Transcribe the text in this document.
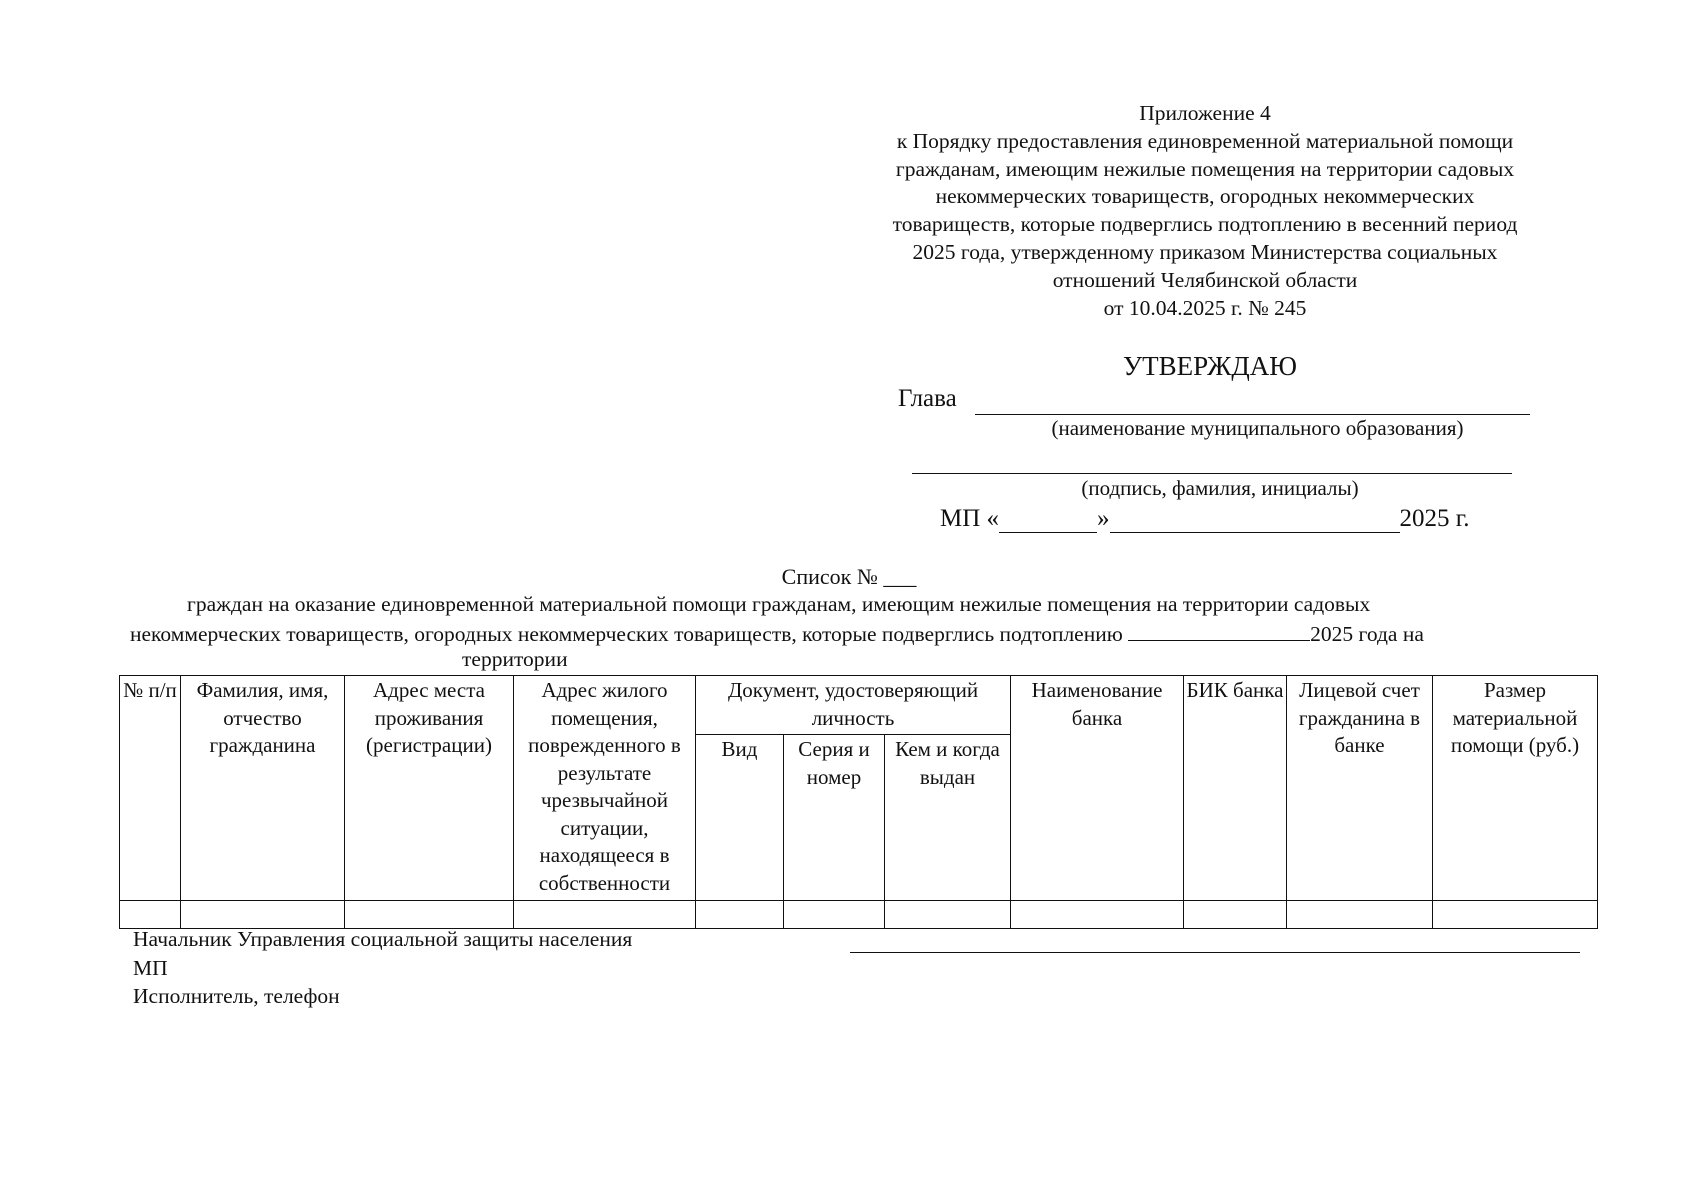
Приложение 4
к Порядку предоставления единовременной материальной помощи
гражданам, имеющим нежилые помещения на территории садовых
некоммерческих товариществ, огородных некоммерческих
товариществ, которые подверглись подтоплению в весенний период
2025 года, утвержденному приказом Министерства социальных
отношений Челябинской области
от 10.04.2025 г. № 245
УТВЕРЖДАЮ
Глава
(наименование муниципального образования)
(подпись, фамилия, инициалы)
МП «	»	2025 г.
Список № ___
граждан на оказание единовременной материальной помощи гражданам, имеющим нежилые помещения на территории садовых
некоммерческих товариществ, огородных некоммерческих товариществ, которые подверглись подтоплению	2025 года на
территории
№ п/п	Фамилия, имя, отчество гражданина	Адрес места проживания (регистрации)	Адрес жилого помещения, поврежденного в результате чрезвычайной ситуации, находящееся в собственности	Документ, удостоверяющий личность			Наименование банка	БИК банка	Лицевой счет гражданина в банке	Размер материальной помощи (руб.)
				Вид	Серия и номер	Кем и когда выдан				

Начальник Управления социальной защиты населения
МП
Исполнитель, телефон
